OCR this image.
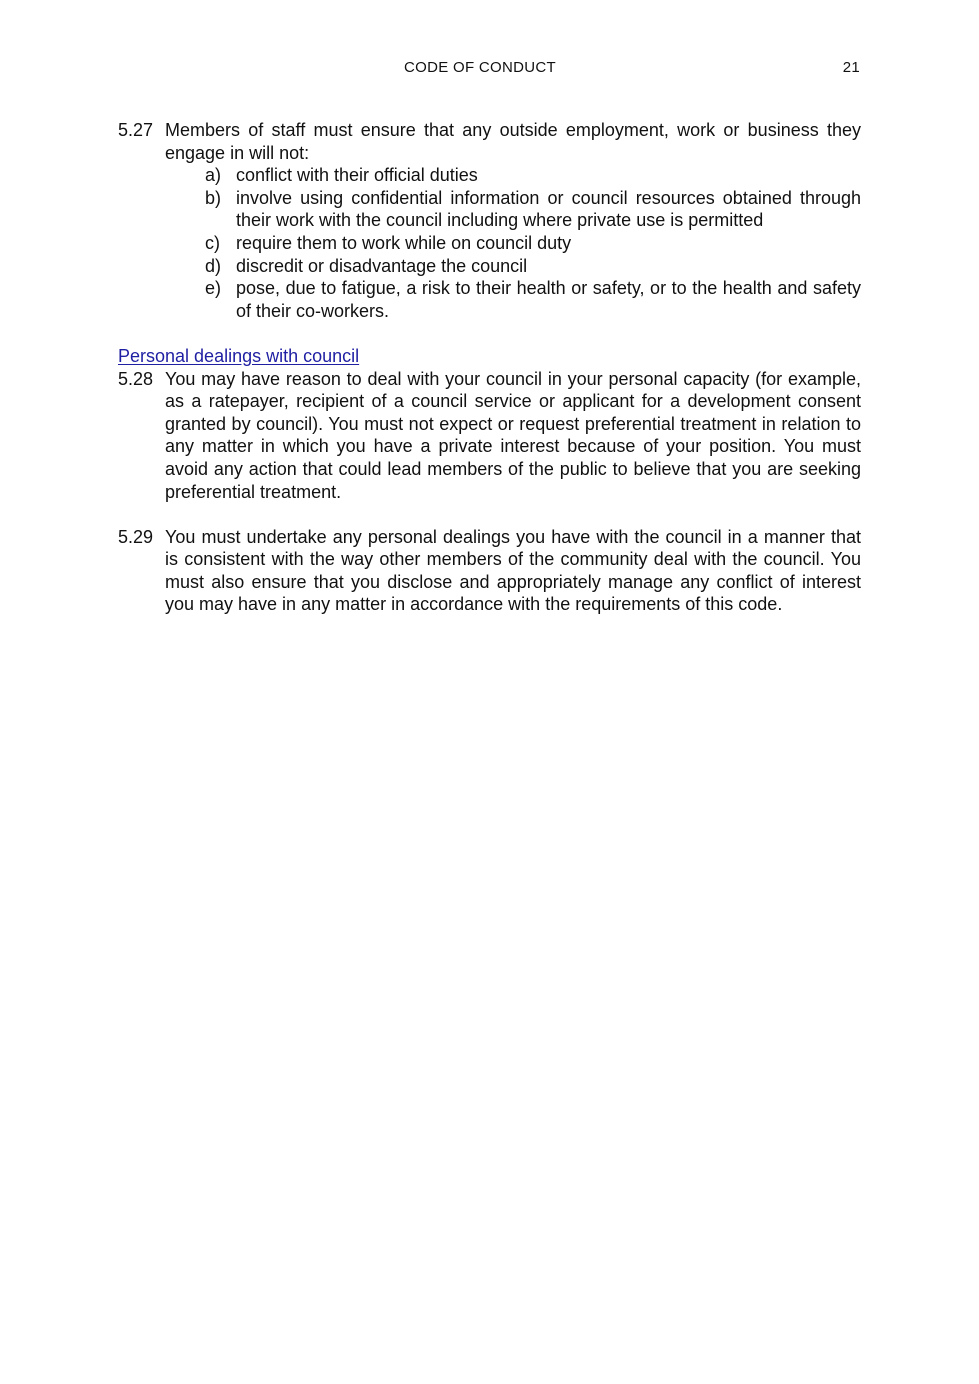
CODE OF CONDUCT	21
5.27 Members of staff must ensure that any outside employment, work or business they engage in will not:
a) conflict with their official duties
b) involve using confidential information or council resources obtained through their work with the council including where private use is permitted
c) require them to work while on council duty
d) discredit or disadvantage the council
e) pose, due to fatigue, a risk to their health or safety, or to the health and safety of their co-workers.
Personal dealings with council
5.28 You may have reason to deal with your council in your personal capacity (for example, as a ratepayer, recipient of a council service or applicant for a development consent granted by council). You must not expect or request preferential treatment in relation to any matter in which you have a private interest because of your position. You must avoid any action that could lead members of the public to believe that you are seeking preferential treatment.
5.29 You must undertake any personal dealings you have with the council in a manner that is consistent with the way other members of the community deal with the council. You must also ensure that you disclose and appropriately manage any conflict of interest you may have in any matter in accordance with the requirements of this code.
